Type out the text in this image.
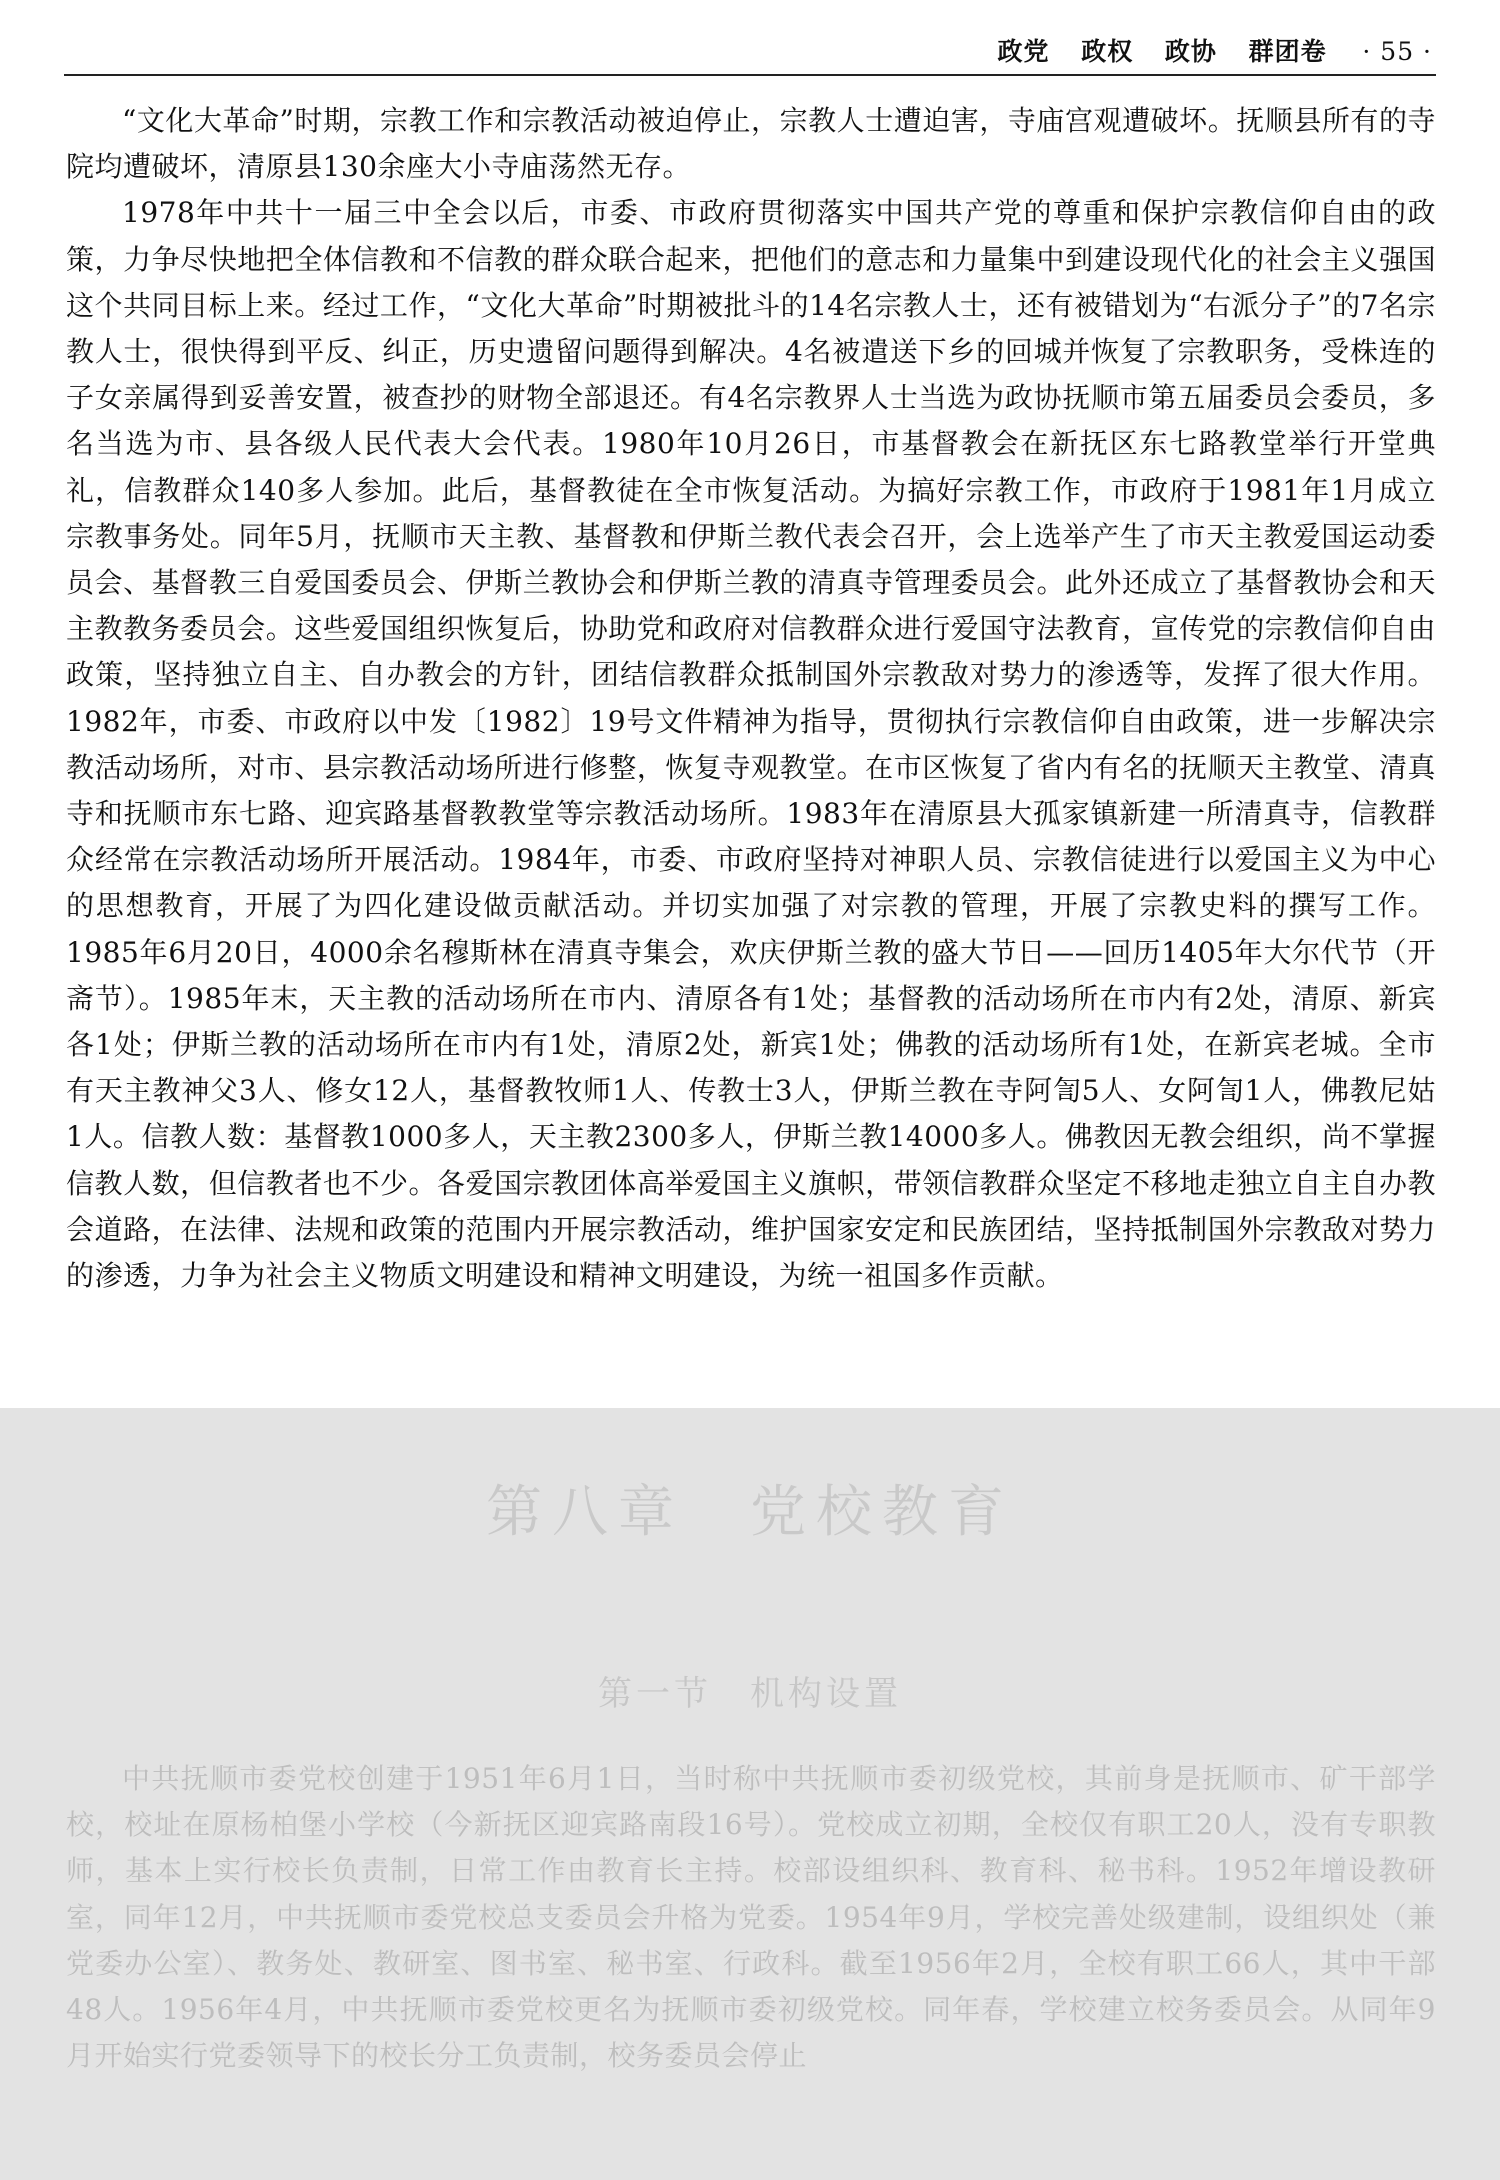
政党 政权 政协 群团卷 · 55 ·

“文化大革命”时期，宗教工作和宗教活动被迫停止，宗教人士遭迫害，寺庙宫观遭破坏。抚顺县所有的寺院均遭破坏，清原县130余座大小寺庙荡然无存。

1978年中共十一届三中全会以后，市委、市政府贯彻落实中国共产党的尊重和保护宗教信仰自由的政策，力争尽快地把全体信教和不信教的群众联合起来，把他们的意志和力量集中到建设现代化的社会主义强国这个共同目标上来。经过工作，“文化大革命”时期被批斗的14名宗教人士，还有被错划为“右派分子”的7名宗教人士，很快得到平反、纠正，历史遗留问题得到解决。4名被遣送下乡的回城并恢复了宗教职务，受株连的子女亲属得到妥善安置，被查抄的财物全部退还。有4名宗教界人士当选为政协抚顺市第五届委员会委员，多名当选为市、县各级人民代表大会代表。1980年10月26日，市基督教会在新抚区东七路教堂举行开堂典礼，信教群众140多人参加。此后，基督教徒在全市恢复活动。为搞好宗教工作，市政府于1981年1月成立宗教事务处。同年5月，抚顺市天主教、基督教和伊斯兰教代表会召开，会上选举产生了市天主教爱国运动委员会、基督教三自爱国委员会、伊斯兰教协会和伊斯兰教的清真寺管理委员会。此外还成立了基督教协会和天主教教务委员会。这些爱国组织恢复后，协助党和政府对信教群众进行爱国守法教育，宣传党的宗教信仰自由政策，坚持独立自主、自办教会的方针，团结信教群众抵制国外宗教敌对势力的渗透等，发挥了很大作用。1982年，市委、市政府以中发〔1982〕19号文件精神为指导，贯彻执行宗教信仰自由政策，进一步解决宗教活动场所，对市、县宗教活动场所进行修整，恢复寺观教堂。在市区恢复了省内有名的抚顺天主教堂、清真寺和抚顺市东七路、迎宾路基督教教堂等宗教活动场所。1983年在清原县大孤家镇新建一所清真寺，信教群众经常在宗教活动场所开展活动。1984年，市委、市政府坚持对神职人员、宗教信徒进行以爱国主义为中心的思想教育，开展了为四化建设做贡献活动。并切实加强了对宗教的管理，开展了宗教史料的撰写工作。1985年6月20日，4000余名穆斯林在清真寺集会，欢庆伊斯兰教的盛大节日——回历1405年大尔代节（开斋节）。1985年末，天主教的活动场所在市内、清原各有1处；基督教的活动场所在市内有2处，清原、新宾各1处；伊斯兰教的活动场所在市内有1处，清原2处，新宾1处；佛教的活动场所有1处，在新宾老城。全市有天主教神父3人、修女12人，基督教牧师1人、传教士3人，伊斯兰教在寺阿訇5人、女阿訇1人，佛教尼姑1人。信教人数：基督教1000多人，天主教2300多人，伊斯兰教14000多人。佛教因无教会组织，尚不掌握信教人数，但信教者也不少。各爱国宗教团体高举爱国主义旗帜，带领信教群众坚定不移地走独立自主自办教会道路，在法律、法规和政策的范围内开展宗教活动，维护国家安定和民族团结，坚持抵制国外宗教敌对势力的渗透，力争为社会主义物质文明建设和精神文明建设，为统一祖国多作贡献。

第八章　党校教育
第一节　机构设置

中共抚顺市委党校创建于1951年6月1日，当时称中共抚顺市委初级党校，其前身是抚顺市、矿干部学校，校址在原杨柏堡小学校（今新抚区迎宾路南段16号）。党校成立初期，全校仅有职工20人，没有专职教师，基本上实行校长负责制，日常工作由教育长主持。校部设组织科、教育科、秘书科。1952年增设教研室，同年12月，中共抚顺市委党校总支委员会升格为党委。1954年9月，学校完善处级建制，设组织处（兼党委办公室）、教务处、教研室、图书室、秘书室、行政科。截至1956年2月，全校有职工66人，其中干部48人。1956年4月，中共抚顺市委党校更名为抚顺市委初级党校。同年春，学校建立校务委员会。从同年9月开始实行党委领导下的校长分工负责制，校务委员会停止
